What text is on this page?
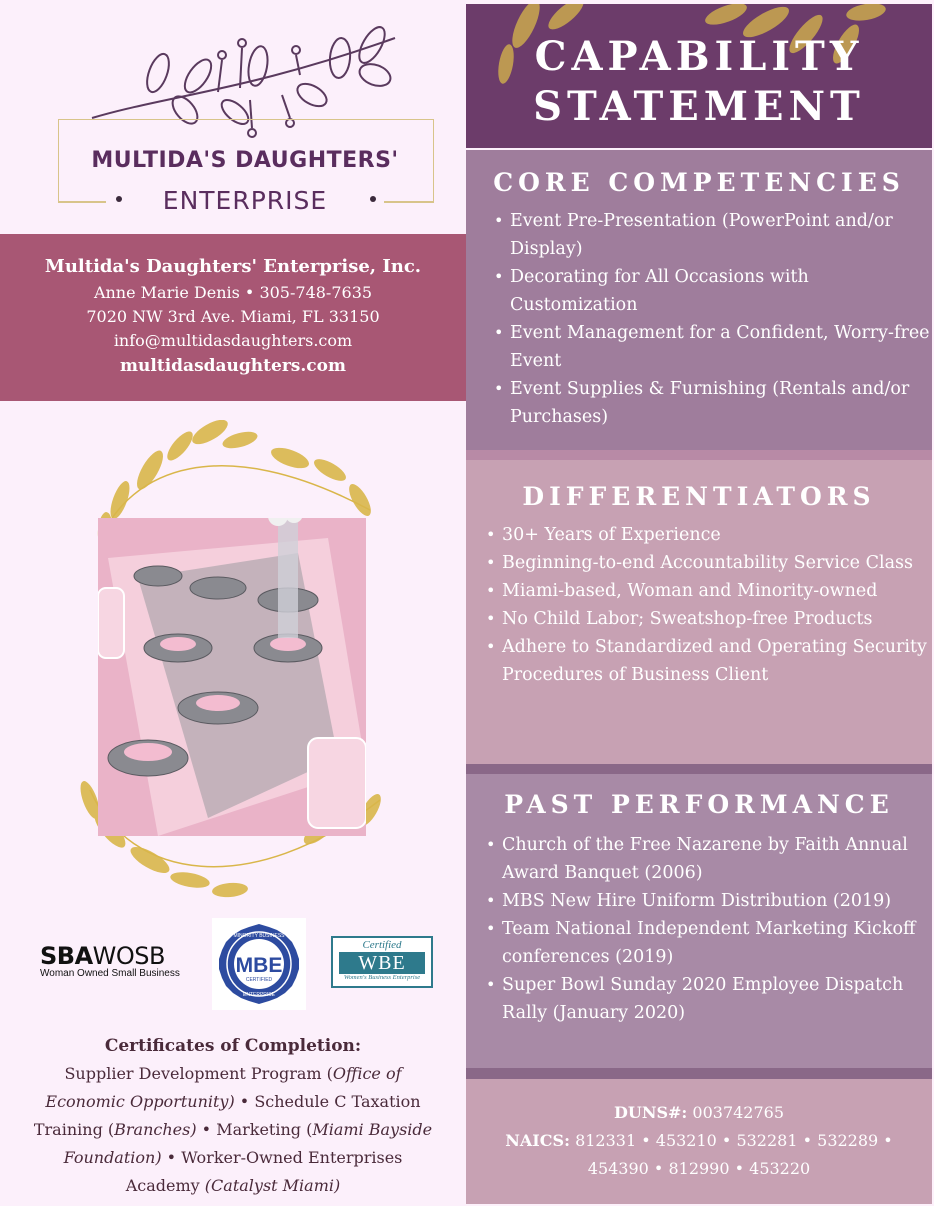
MULTIDA'S DAUGHTERS'
ENTERPRISE
Multida's Daughters' Enterprise, Inc.
Anne Marie Denis • 305-748-7635
7020 NW 3rd Ave. Miami, FL 33150
info@multidasdaughters.com
multidasdaughters.com
SBAWOSB
Woman Owned Small Business	MBE
CERTIFIED
MINORITY BUSINESS
ENTERPRISE
Certified
WBE
Women's Business Enterprise
Certificates of Completion:
Supplier Development Program (Office of
Economic Opportunity) • Schedule C Taxation
Training (Branches) • Marketing (Miami Bayside
Foundation) • Worker-Owned Enterprises
Academy (Catalyst Miami)
CAPABILITY
STATEMENT
CORE COMPETENCIES
• Event Pre-Presentation (PowerPoint and/or Display)
• Decorating for All Occasions with Customization
• Event Management for a Confident, Worry-free Event
• Event Supplies & Furnishing (Rentals and/or Purchases)
DIFFERENTIATORS
• 30+ Years of Experience
• Beginning-to-end Accountability Service Class
• Miami-based, Woman and Minority-owned
• No Child Labor; Sweatshop-free Products
• Adhere to Standardized and Operating Security Procedures of Business Client
PAST PERFORMANCE
• Church of the Free Nazarene by Faith Annual Award Banquet (2006)
• MBS New Hire Uniform Distribution (2019)
• Team National Independent Marketing Kickoff conferences (2019)
• Super Bowl Sunday 2020 Employee Dispatch Rally (January 2020)
DUNS#: 003742765
NAICS: 812331 • 453210 • 532281 • 532289 •
454390 • 812990 • 453220
